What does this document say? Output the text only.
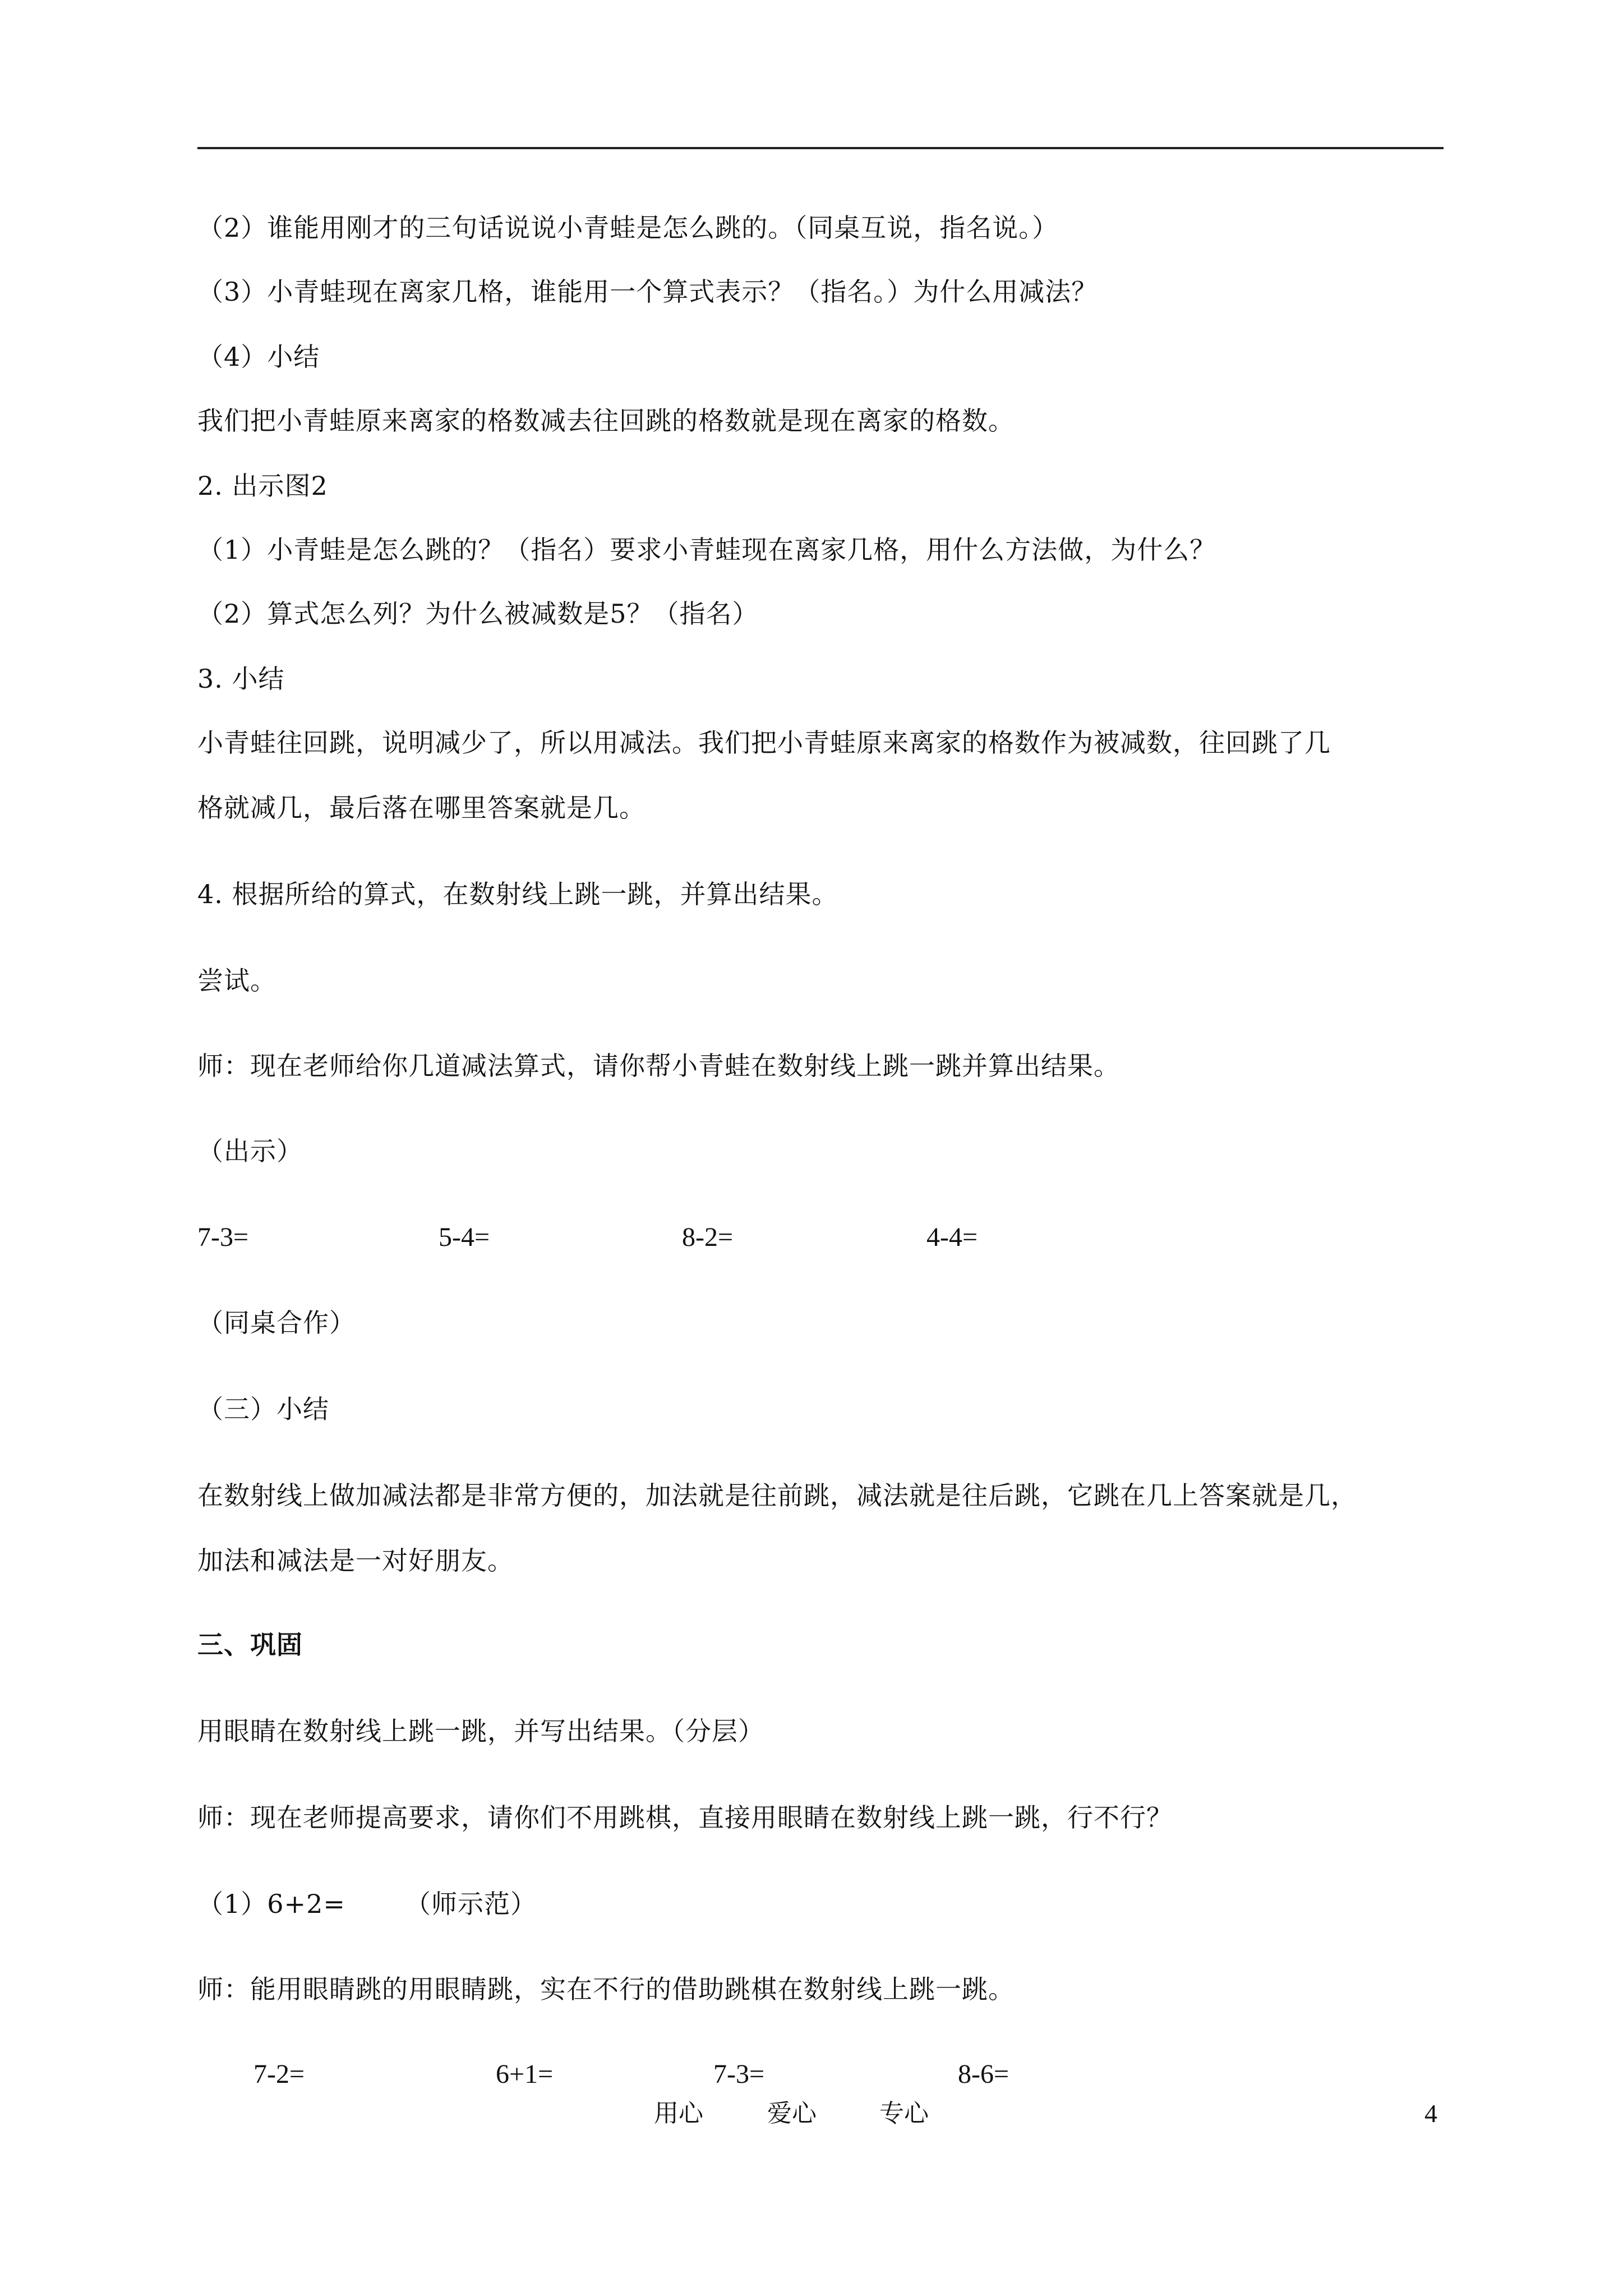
（2）谁能用刚才的三句话说说小青蛙是怎么跳的。（同桌互说，指名说。）
（3）小青蛙现在离家几格，谁能用一个算式表示？（指名。）为什么用减法？
（4）小结
我们把小青蛙原来离家的格数减去往回跳的格数就是现在离家的格数。
2. 出示图2
（1）小青蛙是怎么跳的？（指名）要求小青蛙现在离家几格，用什么方法做，为什么？
（2）算式怎么列？为什么被减数是5？（指名）
3. 小结
小青蛙往回跳，说明减少了，所以用减法。我们把小青蛙原来离家的格数作为被减数，往回跳了几
格就减几，最后落在哪里答案就是几。
4. 根据所给的算式，在数射线上跳一跳，并算出结果。
尝试。
师：现在老师给你几道减法算式，请你帮小青蛙在数射线上跳一跳并算出结果。
（出示）
7-3=	5-4=	8-2=	4-4=
（同桌合作）
（三）小结
在数射线上做加减法都是非常方便的，加法就是往前跳，减法就是往后跳，它跳在几上答案就是几，
加法和减法是一对好朋友。
三、巩固
用眼睛在数射线上跳一跳，并写出结果。（分层）
师：现在老师提高要求，请你们不用跳棋，直接用眼睛在数射线上跳一跳，行不行？
（1）6+2= （师示范）
师：能用眼睛跳的用眼睛跳，实在不行的借助跳棋在数射线上跳一跳。
7-2=	6+1=	7-3=	8-6=
用心	爱心	专心	4
